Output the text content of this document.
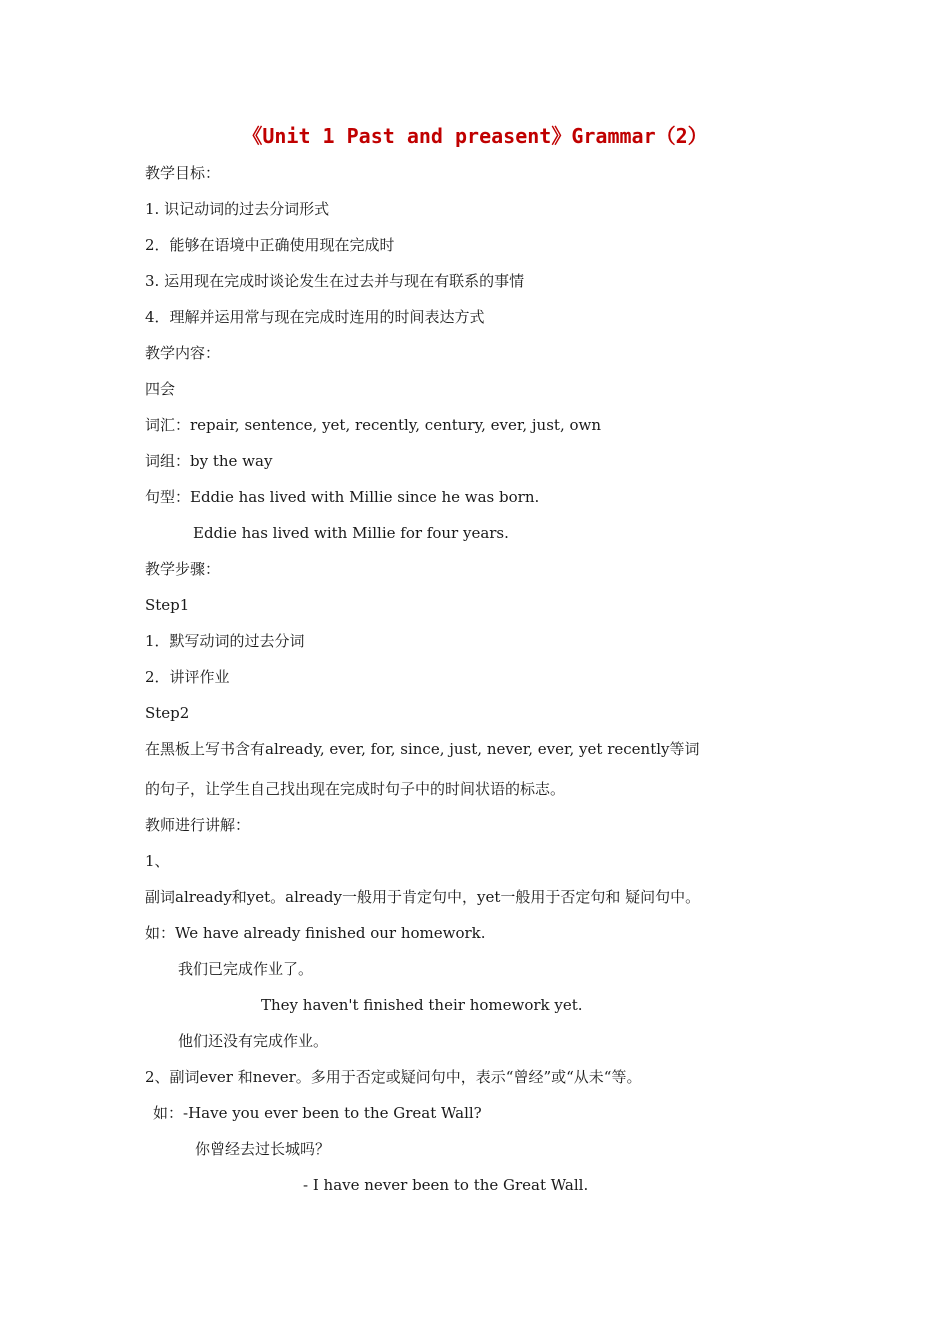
《Unit 1 Past and preasent》Grammar（2）
教学目标：
1. 识记动词的过去分词形式
2．能够在语境中正确使用现在完成时
3. 运用现在完成时谈论发生在过去并与现在有联系的事情
4．理解并运用常与现在完成时连用的时间表达方式
教学内容：
四会
词汇：repair, sentence, yet, recently, century, ever, just, own
词组：by the way
句型：Eddie has lived with Millie since he was born.
Eddie has lived with Millie for four years.
教学步骤：
Step1
1．默写动词的过去分词
2．讲评作业
Step2
在黑板上写书含有already, ever, for, since, just, never, ever, yet recently等词
的句子，让学生自己找出现在完成时句子中的时间状语的标志。
教师进行讲解：
1、
副词already和yet。already一般用于肯定句中，yet一般用于否定句和 疑问句中。
如：We have already finished our homework.
我们已完成作业了。
They haven't finished their homework yet.
他们还没有完成作业。
2、副词ever 和never。多用于否定或疑问句中，表示“曾经”或“从未“等。
如：-Have you ever been to the Great Wall?
你曾经去过长城吗？
- I have never been to the Great Wall.
